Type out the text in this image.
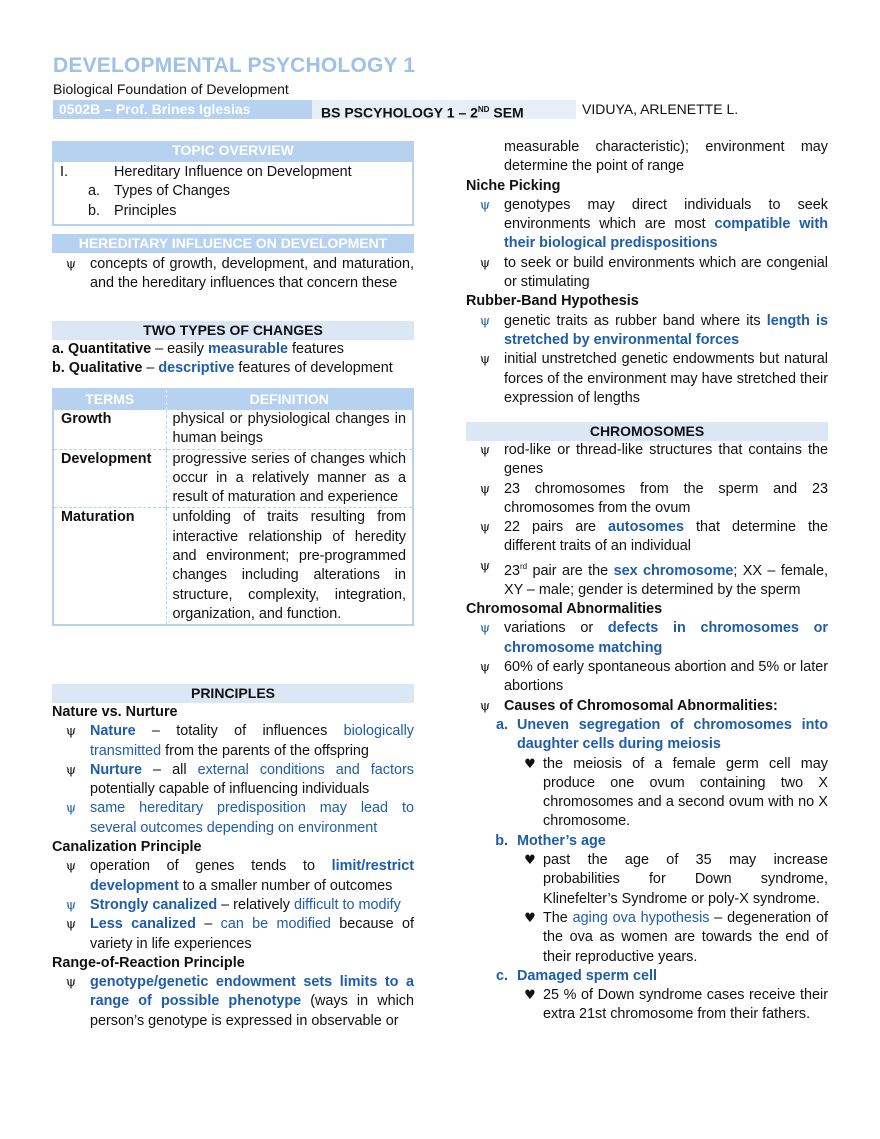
DEVELOPMENTAL PSYCHOLOGY 1
Biological Foundation of Development
0502B – Prof. Brines Iglesias	BS PSCYHOLOGY 1 – 2ND SEM	VIDUYA, ARLENETTE L.
TOPIC OVERVIEW
I.	Hereditary Influence on Development
a. Types of Changes
b. Principles
HEREDITARY INFLUENCE ON DEVELOPMENT
ψ concepts of growth, development, and maturation, and the hereditary influences that concern these
TWO TYPES OF CHANGES
a. Quantitative – easily measurable features
b. Qualitative – descriptive features of development
TERMS	DEFINITION
Growth	physical or physiological changes in human beings
Development	progressive series of changes which occur in a relatively manner as a result of maturation and experience
Maturation	unfolding of traits resulting from interactive relationship of heredity and environment; pre-programmed changes including alterations in structure, complexity, integration, organization, and function.
PRINCIPLES
Nature vs. Nurture
ψ Nature – totality of influences biologically transmitted from the parents of the offspring
ψ Nurture – all external conditions and factors potentially capable of influencing individuals
ψ same hereditary predisposition may lead to several outcomes depending on environment
Canalization Principle
ψ operation of genes tends to limit/restrict development to a smaller number of outcomes
ψ Strongly canalized – relatively difficult to modify
ψ Less canalized – can be modified because of variety in life experiences
Range-of-Reaction Principle
ψ genotype/genetic endowment sets limits to a range of possible phenotype (ways in which person’s genotype is expressed in observable or
measurable characteristic); environment may determine the point of range
Niche Picking
ψ genotypes may direct individuals to seek environments which are most compatible with their biological predispositions
ψ to seek or build environments which are congenial or stimulating
Rubber-Band Hypothesis
ψ genetic traits as rubber band where its length is stretched by environmental forces
ψ initial unstretched genetic endowments but natural forces of the environment may have stretched their expression of lengths
CHROMOSOMES
ψ rod-like or thread-like structures that contains the genes
ψ 23 chromosomes from the sperm and 23 chromosomes from the ovum
ψ 22 pairs are autosomes that determine the different traits of an individual
ψ 23rd pair are the sex chromosome; XX – female, XY – male; gender is determined by the sperm
Chromosomal Abnormalities
ψ variations or defects in chromosomes or chromosome matching
ψ 60% of early spontaneous abortion and 5% or later abortions
ψ Causes of Chromosomal Abnormalities:
a. Uneven segregation of chromosomes into daughter cells during meiosis
♥ the meiosis of a female germ cell may produce one ovum containing two X chromosomes and a second ovum with no X chromosome.
b. Mother’s age
♥ past the age of 35 may increase probabilities for Down syndrome, Klinefelter’s Syndrome or poly-X syndrome.
♥ The aging ova hypothesis – degeneration of the ova as women are towards the end of their reproductive years.
c. Damaged sperm cell
♥ 25 % of Down syndrome cases receive their extra 21st chromosome from their fathers.
